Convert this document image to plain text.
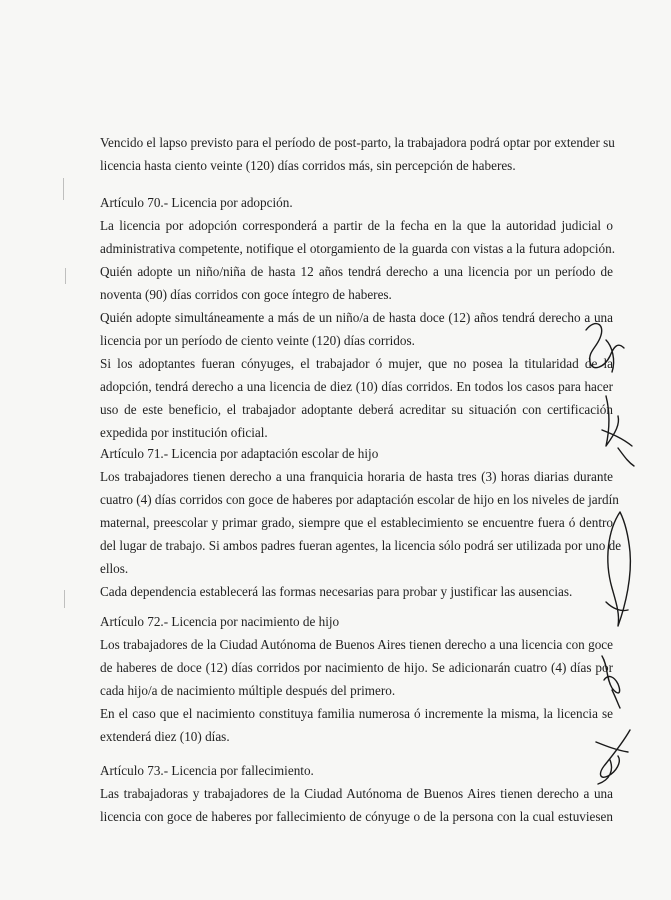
Vencido el lapso previsto para el período de post-parto, la trabajadora podrá optar por extender su
licencia hasta ciento veinte (120) días corridos más, sin percepción de haberes.
Artículo 70.- Licencia por adopción.
La licencia por adopción corresponderá a partir de la fecha en la que la autoridad judicial o
administrativa competente, notifique el otorgamiento de la guarda con vistas a la futura adopción.
Quién adopte un niño/niña de hasta 12 años tendrá derecho a una licencia por un período de
noventa (90) días corridos con goce íntegro de haberes.
Quién adopte simultáneamente a más de un niño/a de hasta doce (12) años tendrá derecho a una
licencia por un período de ciento veinte (120) días corridos.
Si los adoptantes fueran cónyuges, el trabajador ó mujer, que no posea la titularidad de la
adopción, tendrá derecho a una licencia de diez (10) días corridos. En todos los casos para hacer
uso de este beneficio, el trabajador adoptante deberá acreditar su situación con certificación
expedida por institución oficial.
Artículo 71.- Licencia por adaptación escolar de hijo
Los trabajadores tienen derecho a una franquicia horaria de hasta tres (3) horas diarias durante
cuatro (4) días corridos con goce de haberes por adaptación escolar de hijo en los niveles de jardín
maternal, preescolar y primar grado, siempre que el establecimiento se encuentre fuera ó dentro
del lugar de trabajo. Si ambos padres fueran agentes, la licencia sólo podrá ser utilizada por uno de
ellos.
Cada dependencia establecerá las formas necesarias para probar y justificar las ausencias.
Artículo 72.- Licencia por nacimiento de hijo
Los trabajadores de la Ciudad Autónoma de Buenos Aires tienen derecho a una licencia con goce
de haberes de doce (12) días corridos por nacimiento de hijo. Se adicionarán cuatro (4) días por
cada hijo/a de nacimiento múltiple después del primero.
En el caso que el nacimiento constituya familia numerosa ó incremente la misma, la licencia se
extenderá diez (10) días.
Artículo 73.- Licencia por fallecimiento.
Las trabajadoras y trabajadores de la Ciudad Autónoma de Buenos Aires tienen derecho a una
licencia con goce de haberes por fallecimiento de cónyuge o de la persona con la cual estuviesen
